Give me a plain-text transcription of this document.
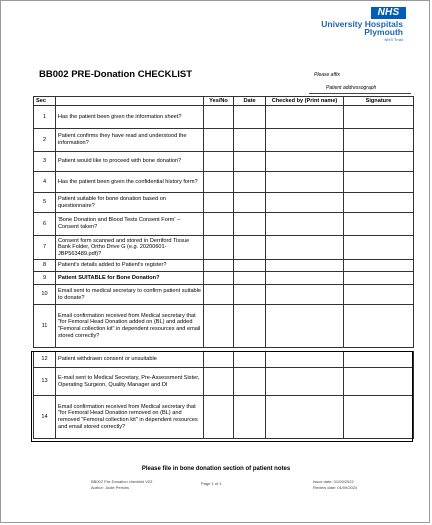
NHS
University Hospitals
Plymouth
NHS Trust
BB002 PRE-Donation CHECKLIST	Please affix
Patient addressograph
Sec		Yes/No	Date	Checked by (Print name)	Signature
1	Has the patient been given the information sheet?				
2	Patient confirms they have read and understood the information?				
3	Patient would like to proceed with bone donation?				
4	Has the patient been given the confidential history form?				
5	Patient suitable for bone donation based on questionnaire?				
6	'Bone Donation and Blood Tests Consent Form' – Consent taken?				
7	Consent form scanned and stored in Derriford Tissue Bank Folder, Ortho Drive G (e.g. 20200601-JBP563489.pdf)?				
8	Patient's details added to Patient's register?				
9	Patient SUITABLE for Bone Donation?				
10	Email sent to medical secretary to confirm patient suitable to donate?				
11	Email confirmation received from Medical secretary that "for Femoral Head Donation added on (BL) and added "Femoral collection kit" in dependent resources and email stored correctly?				

12	Patient withdrawn consent or unsuitable				
13	E-mail sent to Medical Secretary, Pre-Assessment Sister, Operating Surgeon, Quality Manager and DI				
14	Email confirmation received from Medical secretary that "for Femoral Head Donation removed on (BL) and removed "Femoral collection kit" in dependent resources and email stored correctly?				
Please file in bone donation section of patient notes
BB002 Pre-Donation checklist V03
Author: Jodie Perkins
Page 1 of 1	Issue date: 01/09/2022
Review date: 01/09/2024
